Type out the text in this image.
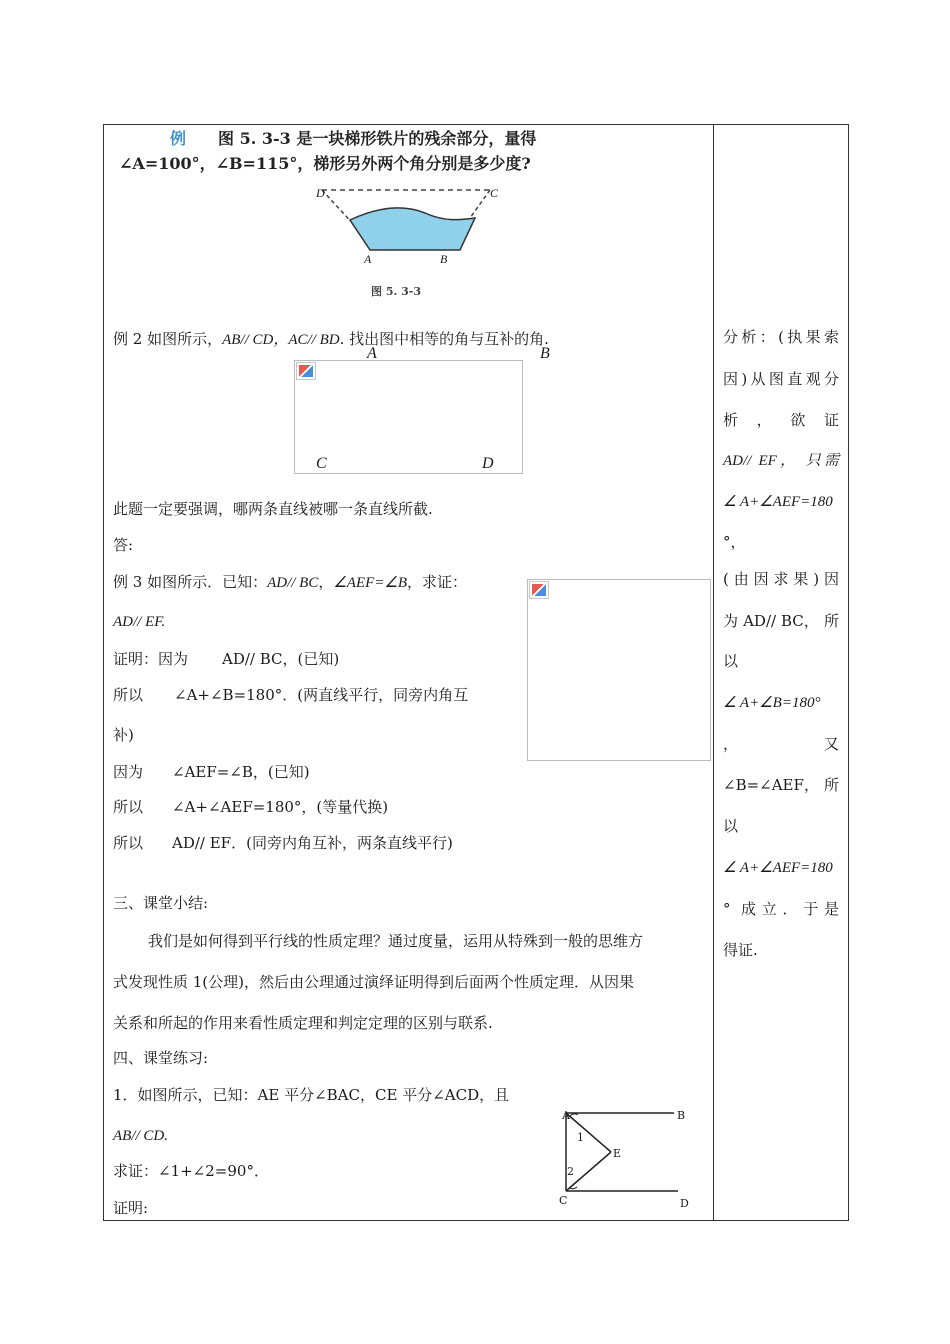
例 图 5. 3-3 是一块梯形铁片的残余部分，量得
∠A=100°，∠B=115°，梯形另外两个角分别是多少度?
D	C
A	B
图 5. 3-3
例 2 如图所示，AB// CD，AC// BD. 找出图中相等的角与互补的角.
A	B
C	D
此题一定要强调，哪两条直线被哪一条直线所截.
答:
例 3 如图所示．已知：AD// BC，∠AEF=∠B，求证：
AD// EF.
证明：因为 AD// BC，(已知)
所以 ∠A+∠B=180°．(两直线平行，同旁内角互
补)
因为 ∠AEF=∠B，(已知)
所以 ∠A+∠AEF=180°，(等量代换)
所以 AD// EF．(同旁内角互补，两条直线平行)
三、课堂小结:
我们是如何得到平行线的性质定理？通过度量，运用从特殊到一般的思维方
式发现性质 1(公理)，然后由公理通过演绎证明得到后面两个性质定理．从因果
关系和所起的作用来看性质定理和判定定理的区别与联系.
四、课堂练习:
1．如图所示，已知：AE 平分∠BAC，CE 平分∠ACD，且
AB// CD.
求证：∠1+∠2=90°．
证明:
A	B
E
C	D
1
2
分析：(执果索
因)从图直观分
析 ， 欲 证
AD// EF， 只需
∠ A+∠AEF=180
°，
(由因求果)因
为 AD// BC， 所
以
∠ A+∠B=180°
， 又
∠B=∠AEF， 所
以
∠ A+∠AEF=180
° 成立．于是
得证.
